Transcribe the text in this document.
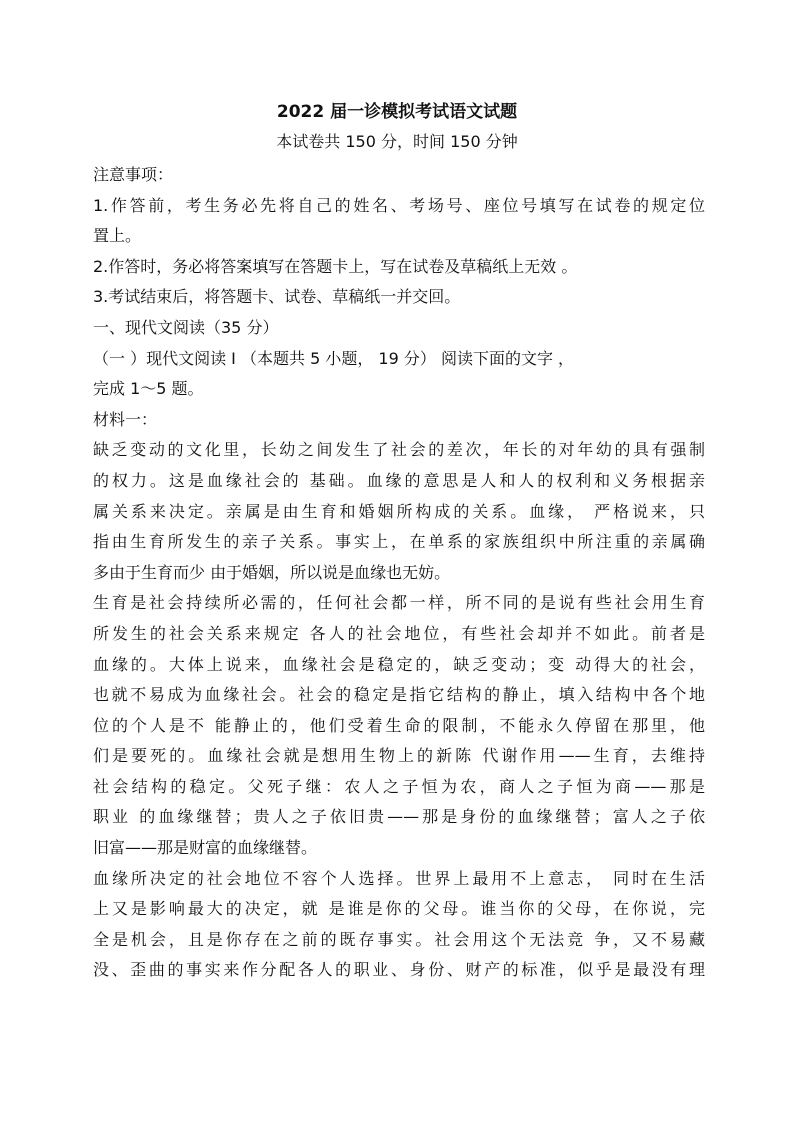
2022 届一诊模拟考试语文试题
本试卷共 150 分，时间 150 分钟
注意事项：
1.作答前，考生务必先将自己的姓名、考场号、座位号填写在试卷的规定位
置上。
2.作答时，务必将答案填写在答题卡上，写在试卷及草稿纸上无效 。
3.考试结束后，将答题卡、试卷、草稿纸一并交回。
一、现代文阅读（35 分）
（一 ）现代文阅读 Ⅰ （本题共 5 小题， 19 分） 阅读下面的文字 ，
完成 1～5 题。
材料一：
缺乏变动的文化里，长幼之间发生了社会的差次，年长的对年幼的具有强制
的权力。这是血缘社会的 基础。血缘的意思是人和人的权利和义务根据亲
属关系来决定。亲属是由生育和婚姻所构成的关系。血缘， 严格说来，只
指由生育所发生的亲子关系。事实上，在单系的家族组织中所注重的亲属确
多由于生育而少 由于婚姻，所以说是血缘也无妨。
生育是社会持续所必需的，任何社会都一样，所不同的是说有些社会用生育
所发生的社会关系来规定 各人的社会地位，有些社会却并不如此。前者是
血缘的。大体上说来，血缘社会是稳定的，缺乏变动；变 动得大的社会，
也就不易成为血缘社会。社会的稳定是指它结构的静止，填入结构中各个地
位的个人是不 能静止的，他们受着生命的限制，不能永久停留在那里，他
们是要死的。血缘社会就是想用生物上的新陈 代谢作用——生育，去维持
社会结构的稳定。父死子继：农人之子恒为农，商人之子恒为商——那是
职业 的血缘继替；贵人之子依旧贵——那是身份的血缘继替；富人之子依
旧富——那是财富的血缘继替。
血缘所决定的社会地位不容个人选择。世界上最用不上意志， 同时在生活
上又是影响最大的决定，就 是谁是你的父母。谁当你的父母，在你说，完
全是机会，且是你存在之前的既存事实。社会用这个无法竞 争，又不易藏
没、歪曲的事实来作分配各人的职业、身份、财产的标准，似乎是最没有理
